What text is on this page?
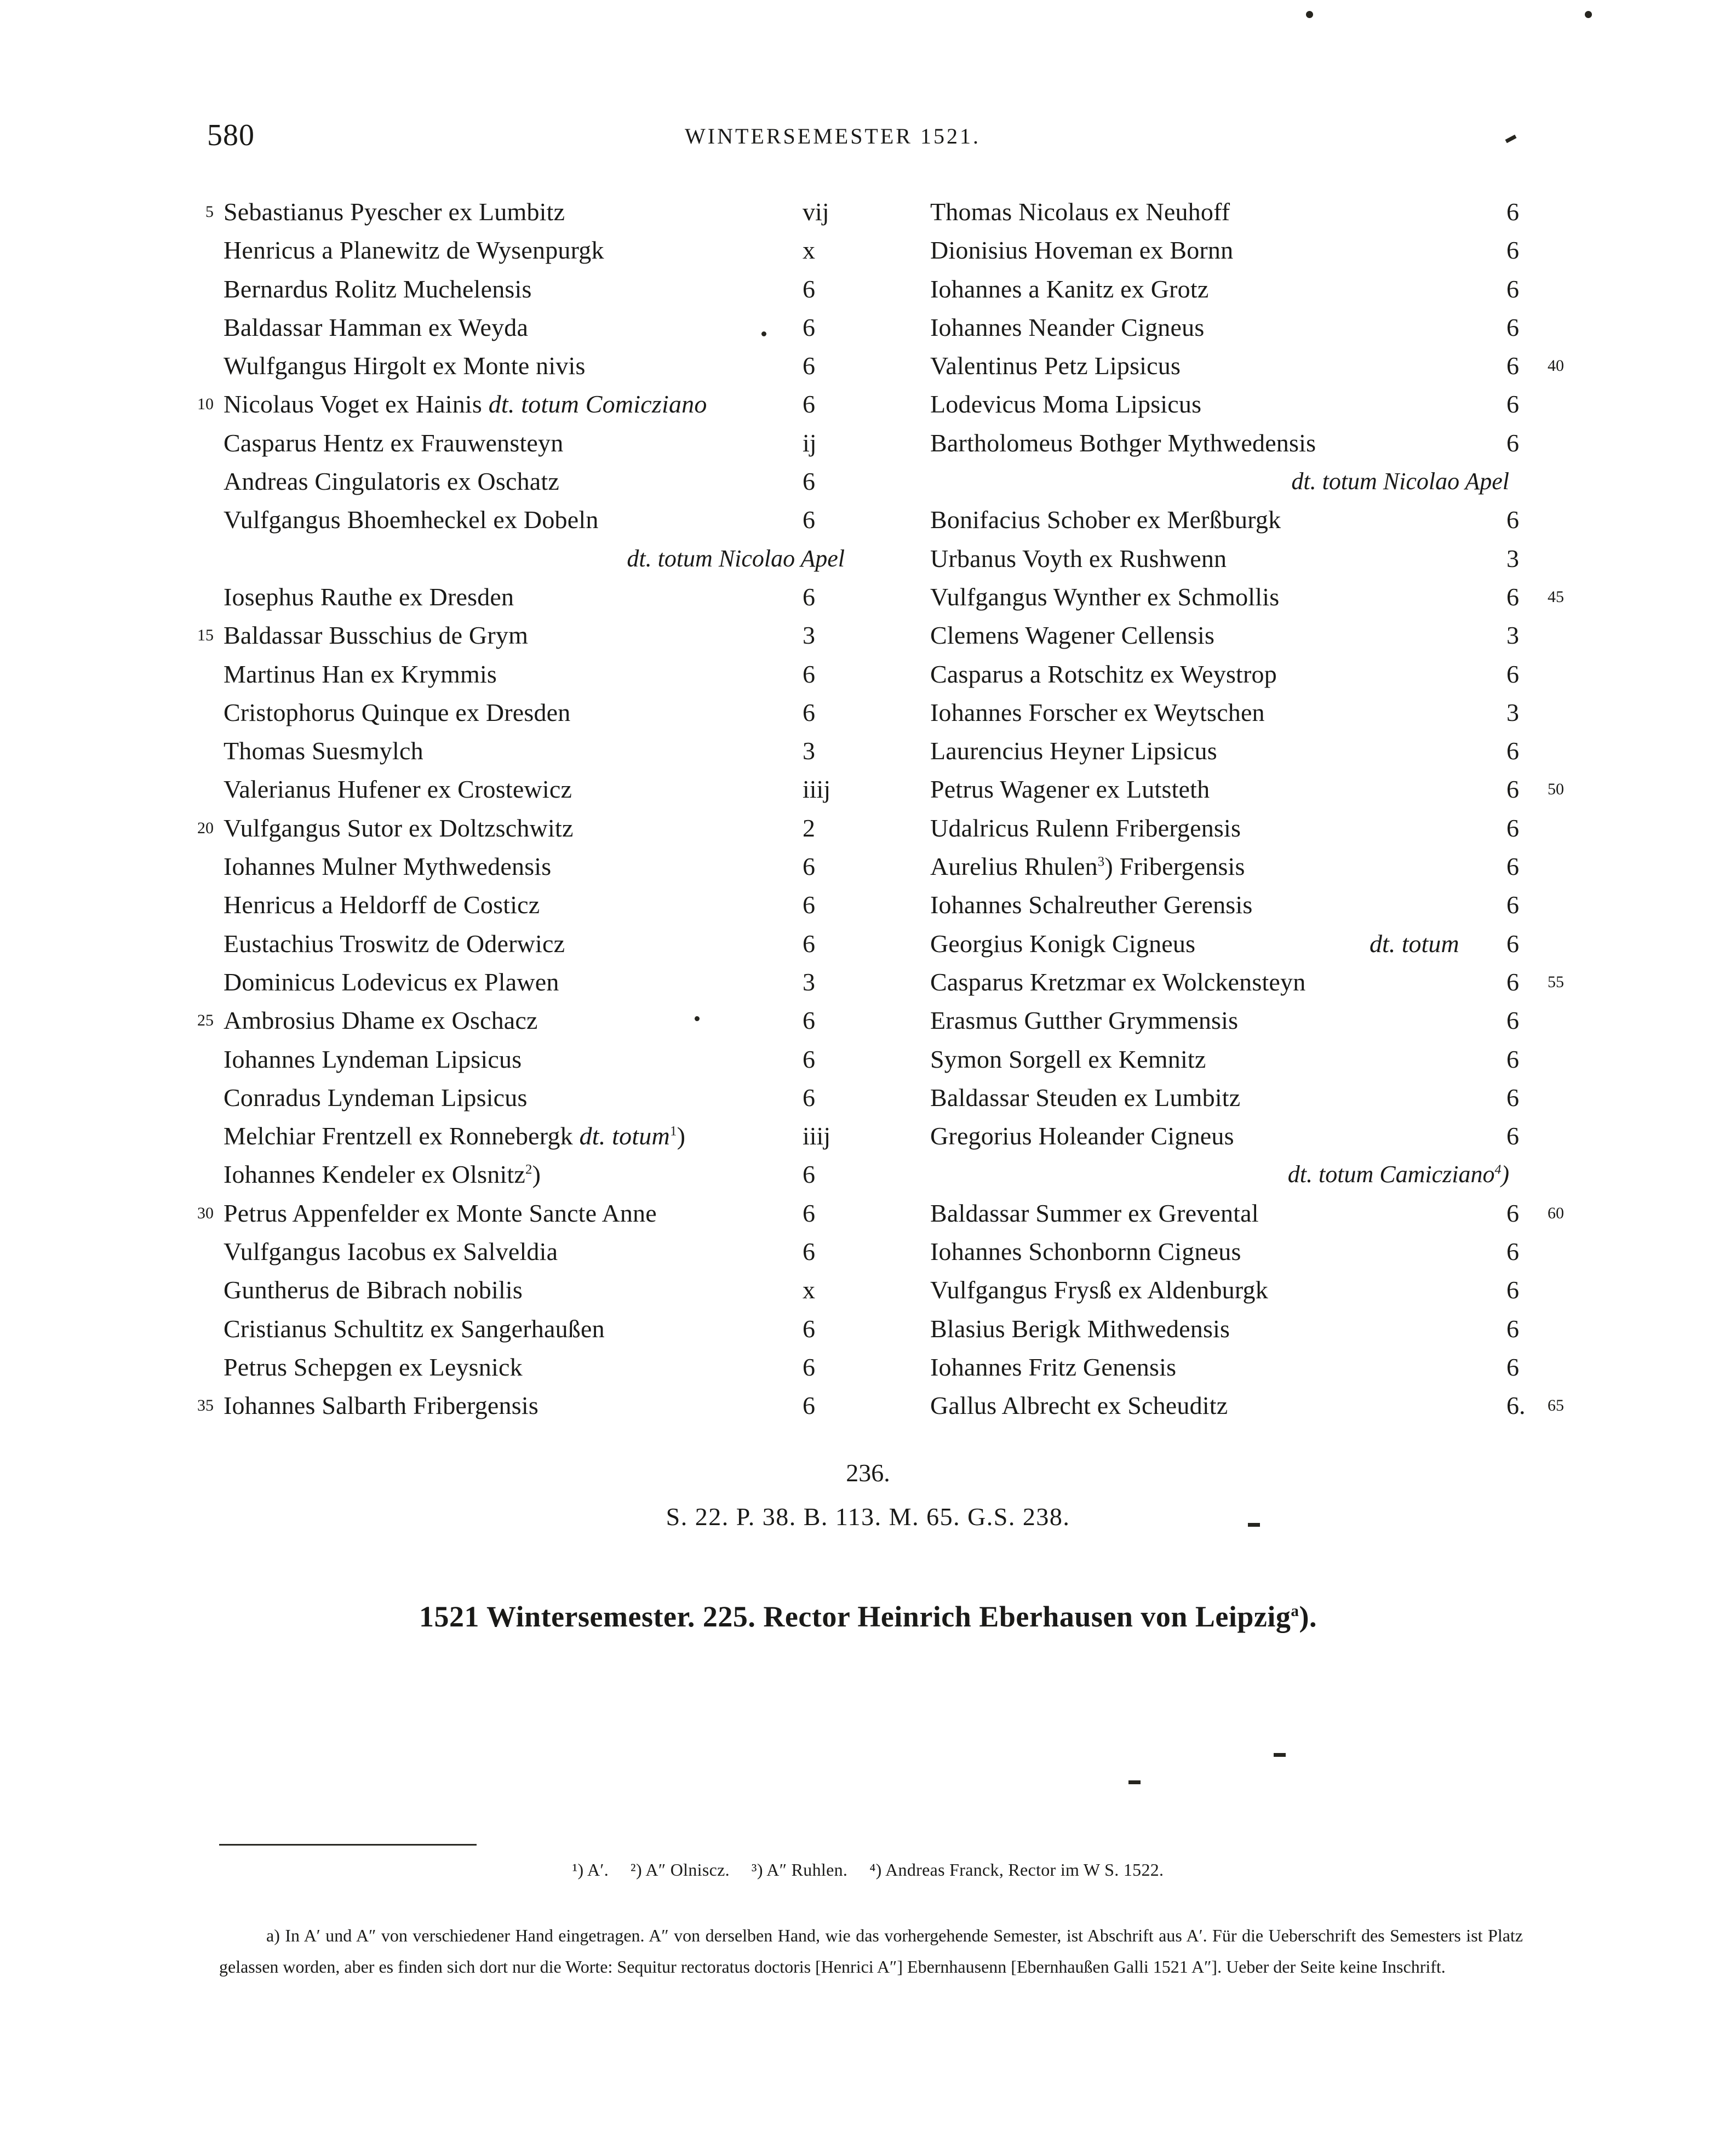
580	WINTERSEMESTER 1521.
5 Sebastianus Pyescher ex Lumbitz	vij
Henricus a Planewitz de Wysenpurgk	x
Bernardus Rolitz Muchelensis	6
Baldassar Hamman ex Weyda	6
Wulfgangus Hirgolt ex Monte nivis	6
10 Nicolaus Voget ex Hainis dt. totum Comicziano	6
Casparus Hentz ex Frauwensteyn	ij
Andreas Cingulatoris ex Oschatz	6
Vulfgangus Bhoemheckel ex Dobeln	6
dt. totum Nicolao Apel
Iosephus Rauthe ex Dresden	6
15 Baldassar Busschius de Grym	3
Martinus Han ex Krymmis	6
Cristophorus Quinque ex Dresden	6
Thomas Suesmylch	3
Valerianus Hufener ex Crostewicz	iiij
20 Vulfgangus Sutor ex Doltzschwitz	2
Iohannes Mulner Mythwedensis	6
Henricus a Heldorff de Costicz	6
Eustachius Troswitz de Oderwicz	6
Dominicus Lodevicus ex Plawen	3
25 Ambrosius Dhame ex Oschacz	6
Iohannes Lyndeman Lipsicus	6
Conradus Lyndeman Lipsicus	6
Melchiar Frentzell ex Ronnebergk dt. totum$^1$)	iiij
Iohannes Kendeler ex Olsnitz$^2$)	6
30 Petrus Appenfelder ex Monte Sancte Anne	6
Vulfgangus Iacobus ex Salveldia	6
Guntherus de Bibrach nobilis	x
Cristianus Schultitz ex Sangerhaußen	6
Petrus Schepgen ex Leysnick	6
35 Iohannes Salbarth Fribergensis	6
Thomas Nicolaus ex Neuhoff	6
Dionisius Hoveman ex Bornn	6
Iohannes a Kanitz ex Grotz	6
Iohannes Neander Cigneus	6
Valentinus Petz Lipsicus	6 40
Lodevicus Moma Lipsicus	6
Bartholomeus Bothger Mythwedensis	6
dt. totum Nicolao Apel
Bonifacius Schober ex Merßburgk	6
Urbanus Voyth ex Rushwenn	3
Vulfgangus Wynther ex Schmollis	6 45
Clemens Wagener Cellensis	3
Casparus a Rotschitz ex Weystrop	6
Iohannes Forscher ex Weytschen	3
Laurencius Heyner Lipsicus	6
Petrus Wagener ex Lutsteth	6 50
Udalricus Rulenn Fribergensis	6
Aurelius Rhulen$^3$) Fribergensis	6
Iohannes Schalreuther Gerensis	6
Georgius Konigk Cigneus	dt. totum 6
Casparus Kretzmar ex Wolckensteyn	6 55
Erasmus Gutther Grymmensis	6
Symon Sorgell ex Kemnitz	6
Baldassar Steuden ex Lumbitz	6
Gregorius Holeander Cigneus	6
dt. totum Camicziano$^4$)
Baldassar Summer ex Grevental	6 60
Iohannes Schonbornn Cigneus	6
Vulfgangus Frysß ex Aldenburgk	6
Blasius Berigk Mithwedensis	6
Iohannes Fritz Genensis	6
Gallus Albrecht ex Scheuditz	6. 65
236.
S. 22. P. 38. B. 113. M. 65. G.S. 238.
1521 Wintersemester. 225. Rector Heinrich Eberhausen von Leipzig$^a$).
¹) A′. ²) A″ Olniscz. ³) A″ Ruhlen. ⁴) Andreas Franck, Rector im W S. 1522.

a) In A′ und A″ von verschiedener Hand eingetragen. A″ von derselben Hand, wie das vorhergehende Semester, ist Abschrift aus A′. Für die Ueberschrift des Semesters ist Platz gelassen worden, aber es finden sich dort nur die Worte: Sequitur rectoratus doctoris [Henrici A″] Ebernhausenn [Ebernhaußen Galli 1521 A″]. Ueber der Seite keine Inschrift.
